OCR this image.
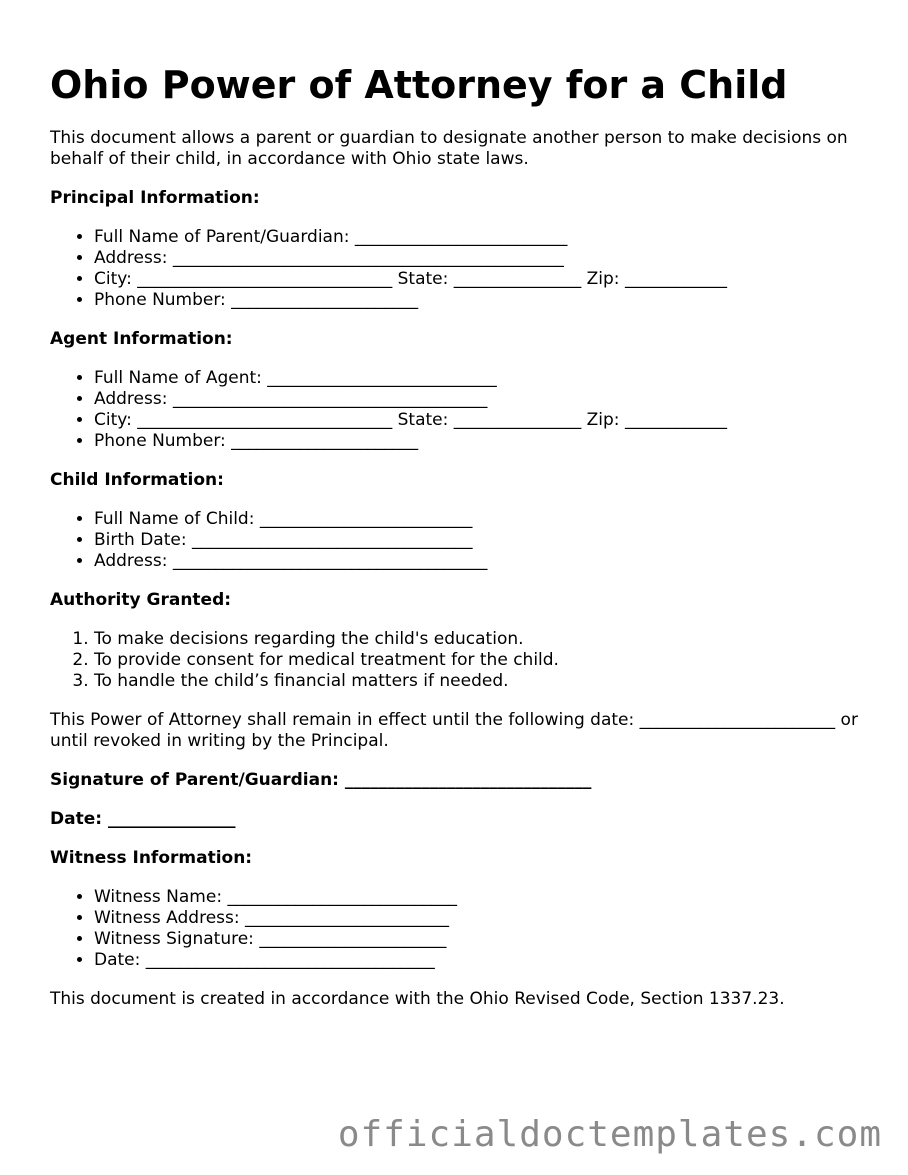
Ohio Power of Attorney for a Child

This document allows a parent or guardian to designate another person to make decisions on behalf of their child, in accordance with Ohio state laws.

Principal Information:
• Full Name of Parent/Guardian: _________________________
• Address: ______________________________________________
• City: ______________________________ State: _______________ Zip: ____________
• Phone Number: ______________________
Agent Information:
• Full Name of Agent: ___________________________
• Address: _____________________________________
• City: ______________________________ State: _______________ Zip: ____________
• Phone Number: ______________________
Child Information:
• Full Name of Child: _________________________
• Birth Date: _________________________________
• Address: _____________________________________
Authority Granted:
1. To make decisions regarding the child's education.
2. To provide consent for medical treatment for the child.
3. To handle the child’s financial matters if needed.

This Power of Attorney shall remain in effect until the following date: _______________________ or until revoked in writing by the Principal.

Signature of Parent/Guardian: _____________________________
Date: _______________
Witness Information:
• Witness Name: ___________________________
• Witness Address: ________________________
• Witness Signature: ______________________
• Date: __________________________________

This document is created in accordance with the Ohio Revised Code, Section 1337.23.

officialdoctemplates.com
